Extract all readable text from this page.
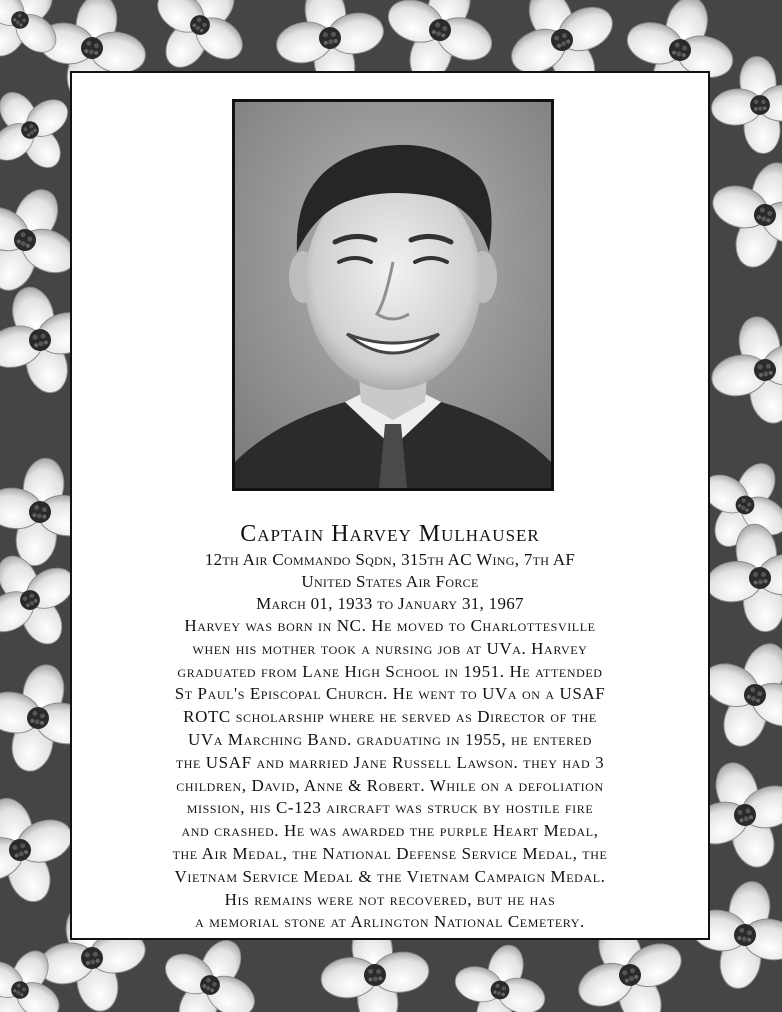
Captain Harvey Mulhauser
12th Air Commando Sqdn, 315th AC Wing, 7th AF
United States Air Force
March 01, 1933 to January 31, 1967
Harvey was born in NC. He moved to Charlottesville
when his mother took a nursing job at UVa. Harvey
graduated from Lane High School in 1951. He attended
St Paul's Episcopal Church. He went to UVa on a USAF
ROTC scholarship where he served as Director of the
UVa Marching Band. graduating in 1955, he entered
the USAF and married Jane Russell Lawson. they had 3
children, David, Anne & Robert. While on a defoliation
mission, his C-123 aircraft was struck by hostile fire
and crashed. He was awarded the purple Heart Medal,
the Air Medal, the National Defense Service Medal, the
Vietnam Service Medal & the Vietnam Campaign Medal.
His remains were not recovered, but he has
a memorial stone at Arlington National Cemetery.
